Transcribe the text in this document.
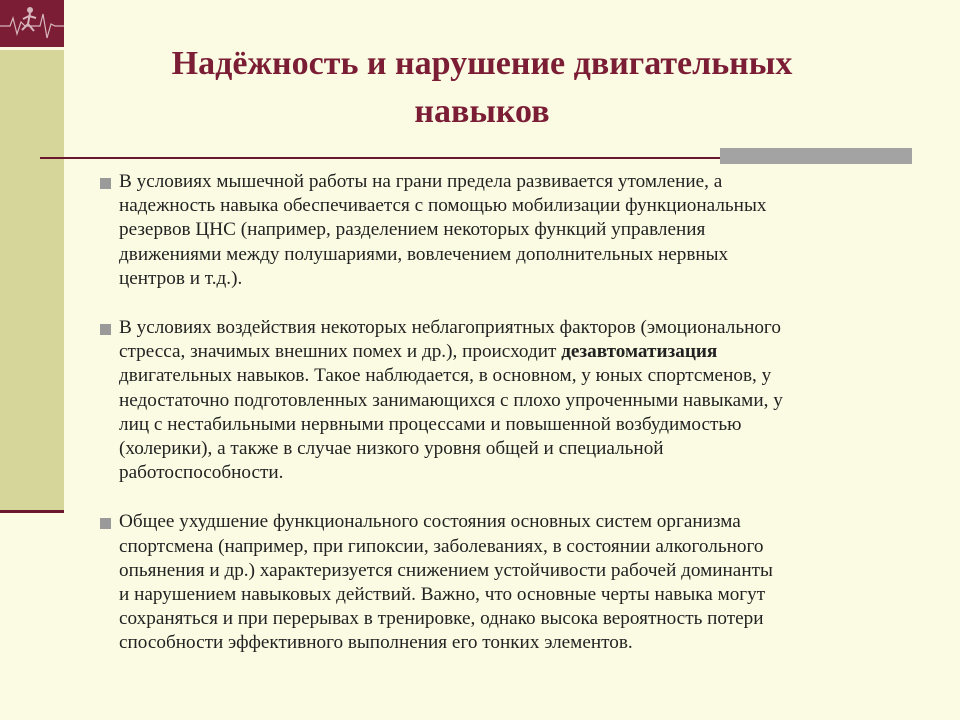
Надёжность и нарушение двигательных
навыков
В условиях мышечной работы на грани предела развивается утомление, а
надежность навыка обеспечивается с помощью мобилизации функциональных
резервов ЦНС (например, разделением некоторых функций управления
движениями между полушариями, вовлечением дополнительных нервных
центров и т.д.).
В условиях воздействия некоторых неблагоприятных факторов (эмоционального
стресса, значимых внешних помех и др.), происходит дезавтоматизация
двигательных навыков. Такое наблюдается, в основном, у юных спортсменов, у
недостаточно подготовленных занимающихся с плохо упроченными навыками, у
лиц с нестабильными нервными процессами и повышенной возбудимостью
(холерики), а также в случае низкого уровня общей и специальной
работоспособности.
Общее ухудшение функционального состояния основных систем организма
спортсмена (например, при гипоксии, заболеваниях, в состоянии алкогольного
опьянения и др.) характеризуется снижением устойчивости рабочей доминанты
и нарушением навыковых действий. Важно, что основные черты навыка могут
сохраняться и при перерывах в тренировке, однако высока вероятность потери
способности эффективного выполнения его тонких элементов.
